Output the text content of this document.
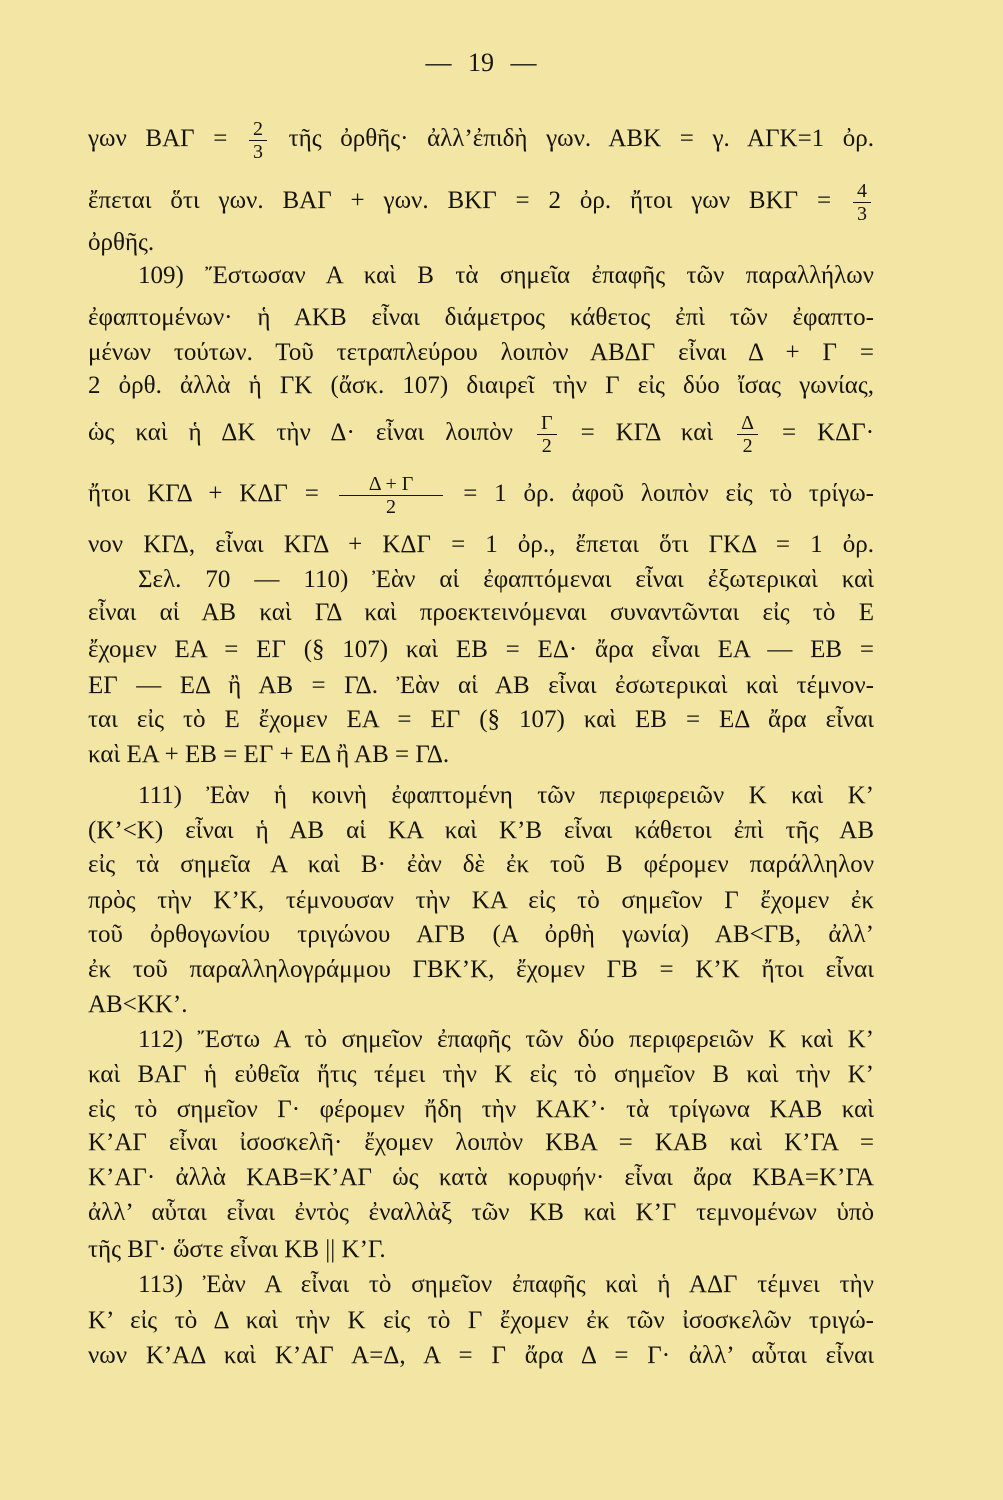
— 19 —
γων $BA\Gamma = \frac{2}{3}$ τῆς ὀρθῆς· ἀλλ’ἐπιδὴ γων. ΑΒΚ = γ. ΑΓΚ=1 ὀρ.
ἔπεται ὅτι γων. ΒΑΓ + γων. ΒΚΓ = 2 ὀρ. ἤτοι γων $BK\Gamma = \frac{4}{3}$
ὀρθῆς.
109) Ἔστωσαν Α καὶ Β τὰ σημεῖα ἐπαφῆς τῶν παραλλήλων
ἐφαπτομένων· ἡ ΑΚΒ εἶναι διάμετρος κάθετος ἐπὶ τῶν ἐφαπτο-
μένων τούτων. Τοῦ τετραπλεύρου λοιπὸν ΑΒΔΓ εἶναι Δ + Γ =
2 ὀρθ. ἀλλὰ ἡ ΓΚ (ἄσκ. 107) διαιρεῖ τὴν Γ εἰς δύο ἴσας γωνίας,
ὡς καὶ ἡ ΔΚ τὴν Δ· εἶναι λοιπὸν $\frac{\Gamma}{2} = K\Gamma\Delta$ καὶ $\frac{\Delta}{2} = K\Delta\Gamma\cdot$
ἤτοι $K\Gamma\Delta + K\Delta\Gamma = \frac{\Delta + \Gamma}{2} = 1$ ὀρ. ἀφοῦ λοιπὸν εἰς τὸ τρίγω-
νον ΚΓΔ, εἶναι ΚΓΔ + ΚΔΓ = 1 ὀρ., ἔπεται ὅτι ΓΚΔ = 1 ὀρ.
Σελ. 70 — 110) Ἐὰν αἱ ἐφαπτόμεναι εἶναι ἐξωτερικαὶ καὶ
εἶναι αἱ ΑΒ καὶ ΓΔ καὶ προεκτεινόμεναι συναντῶνται εἰς τὸ Ε
ἔχομεν ΕΑ = ΕΓ (§ 107) καὶ ΕΒ = ΕΔ· ἄρα εἶναι ΕΑ — ΕΒ =
ΕΓ — ΕΔ ἢ ΑΒ = ΓΔ. Ἐὰν αἱ ΑΒ εἶναι ἐσωτερικαὶ καὶ τέμνον-
ται εἰς τὸ Ε ἔχομεν ΕΑ = ΕΓ (§ 107) καὶ ΕΒ = ΕΔ ἄρα εἶναι
καὶ ΕΑ + ΕΒ = ΕΓ + ΕΔ ἢ ΑΒ = ΓΔ.
111) Ἐὰν ἡ κοινὴ ἐφαπτομένη τῶν περιφερειῶν Κ καὶ Κ’
(Κ’<Κ) εἶναι ἡ ΑΒ αἱ ΚΑ καὶ Κ’Β εἶναι κάθετοι ἐπὶ τῆς ΑΒ
εἰς τὰ σημεῖα Α καὶ Β· ἐὰν δὲ ἐκ τοῦ Β φέρομεν παράλληλον
πρὸς τὴν Κ’Κ, τέμνουσαν τὴν ΚΑ εἰς τὸ σημεῖον Γ ἔχομεν ἐκ
τοῦ ὀρθογωνίου τριγώνου ΑΓΒ (Α ὀρθὴ γωνία) ΑΒ<ΓΒ, ἀλλ’
ἐκ τοῦ παραλληλογράμμου ΓΒΚ’Κ, ἔχομεν ΓΒ = Κ’Κ ἤτοι εἶναι
ΑΒ<ΚΚ’.
112) Ἔστω Α τὸ σημεῖον ἐπαφῆς τῶν δύο περιφερειῶν Κ καὶ Κ’
καὶ ΒΑΓ ἡ εὐθεῖα ἥτις τέμει τὴν Κ εἰς τὸ σημεῖον Β καὶ τὴν Κ’
εἰς τὸ σημεῖον Γ· φέρομεν ἤδη τὴν ΚΑΚ’· τὰ τρίγωνα ΚΑΒ καὶ
Κ’ΑΓ εἶναι ἰσοσκελῆ· ἔχομεν λοιπὸν ΚΒΑ = ΚΑΒ καὶ Κ’ΓΑ =
Κ’ΑΓ· ἀλλὰ ΚΑΒ=Κ’ΑΓ ὡς κατὰ κορυφήν· εἶναι ἄρα ΚΒΑ=Κ’ΓΑ
ἀλλ’ αὗται εἶναι ἐντὸς ἐναλλὰξ τῶν ΚΒ καὶ Κ’Γ τεμνομένων ὑπὸ
τῆς ΒΓ· ὥστε εἶναι ΚΒ || Κ’Γ.
113) Ἐὰν Α εἶναι τὸ σημεῖον ἐπαφῆς καὶ ἡ ΑΔΓ τέμνει τὴν
Κ’ εἰς τὸ Δ καὶ τὴν Κ εἰς τὸ Γ ἔχομεν ἐκ τῶν ἰσοσκελῶν τριγώ-
νων Κ’ΑΔ καὶ Κ’ΑΓ Α=Δ, Α = Γ ἄρα Δ = Γ· ἀλλ’ αὗται εἶναι
